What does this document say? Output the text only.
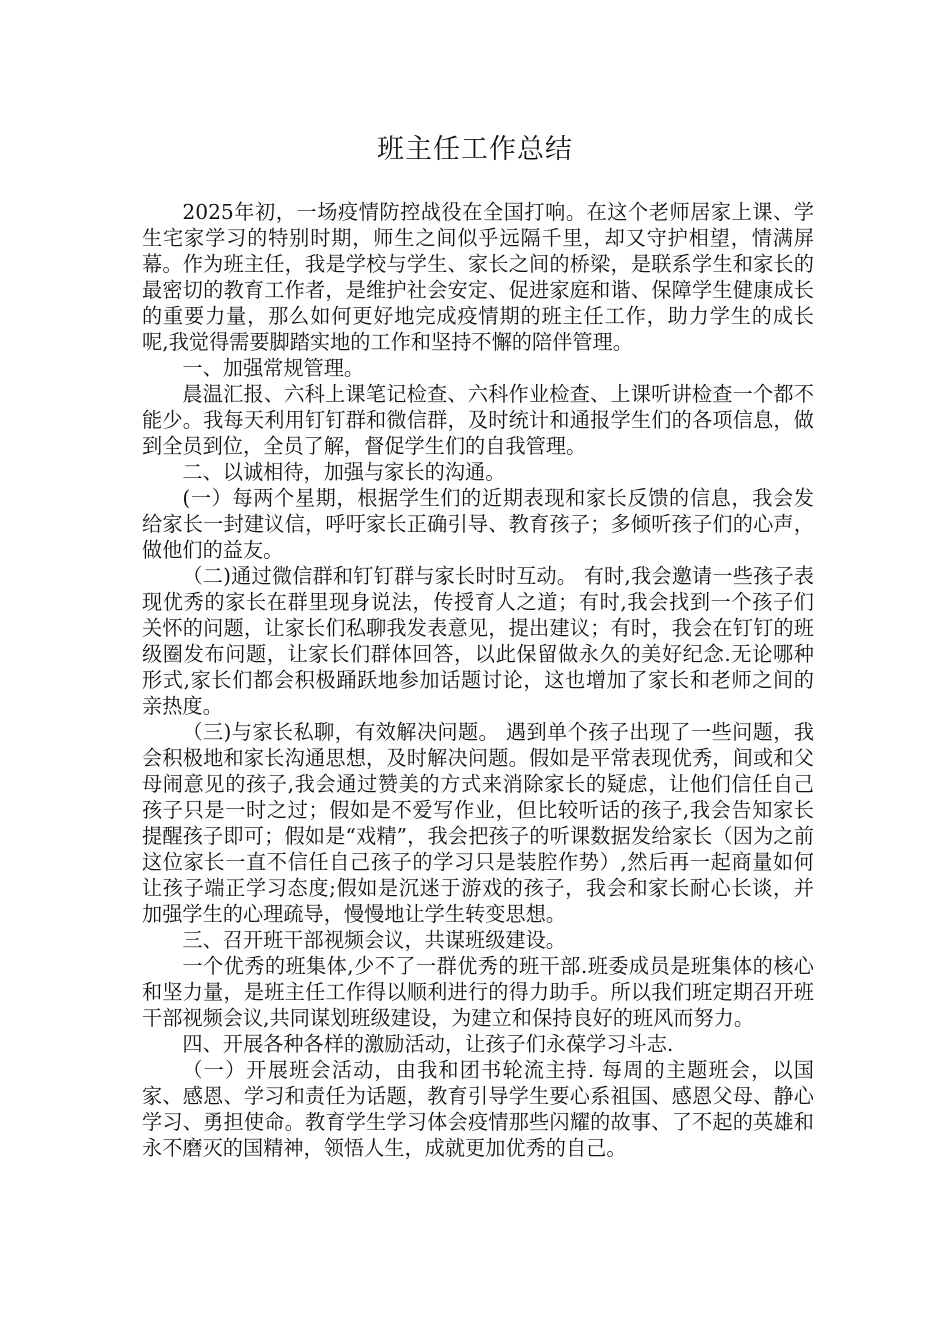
班主任工作总结

2025年初，一场疫情防控战役在全国打响。在这个老师居家上课、学生宅家学习的特别时期，师生之间似乎远隔千里，却又守护相望，情满屏幕。作为班主任，我是学校与学生、家长之间的桥梁，是联系学生和家长的最密切的教育工作者，是维护社会安定、促进家庭和谐、保障学生健康成长的重要力量，那么如何更好地完成疫情期的班主任工作，助力学生的成长呢,我觉得需要脚踏实地的工作和坚持不懈的陪伴管理。

一、加强常规管理。

晨温汇报、六科上课笔记检查、六科作业检查、上课听讲检查一个都不能少。我每天利用钉钉群和微信群，及时统计和通报学生们的各项信息，做到全员到位，全员了解，督促学生们的自我管理。

二、以诚相待，加强与家长的沟通。

(一）每两个星期，根据学生们的近期表现和家长反馈的信息，我会发给家长一封建议信，呼吁家长正确引导、教育孩子；多倾听孩子们的心声，做他们的益友。

（二)通过微信群和钉钉群与家长时时互动。 有时,我会邀请一些孩子表现优秀的家长在群里现身说法，传授育人之道；有时,我会找到一个孩子们关怀的问题，让家长们私聊我发表意见，提出建议；有时，我会在钉钉的班级圈发布问题，让家长们群体回答，以此保留做永久的美好纪念.无论哪种形式,家长们都会积极踊跃地参加话题讨论，这也增加了家长和老师之间的亲热度。

（三)与家长私聊，有效解决问题。 遇到单个孩子出现了一些问题，我会积极地和家长沟通思想，及时解决问题。假如是平常表现优秀，间或和父母闹意见的孩子,我会通过赞美的方式来消除家长的疑虑，让他们信任自己孩子只是一时之过；假如是不爱写作业，但比较听话的孩子,我会告知家长提醒孩子即可；假如是“戏精”，我会把孩子的听课数据发给家长（因为之前这位家长一直不信任自己孩子的学习只是装腔作势）,然后再一起商量如何让孩子端正学习态度;假如是沉迷于游戏的孩子，我会和家长耐心长谈，并加强学生的心理疏导，慢慢地让学生转变思想。

三、召开班干部视频会议，共谋班级建设。

一个优秀的班集体,少不了一群优秀的班干部.班委成员是班集体的核心和坚力量，是班主任工作得以顺利进行的得力助手。所以我们班定期召开班干部视频会议,共同谋划班级建设，为建立和保持良好的班风而努力。

四、开展各种各样的激励活动，让孩子们永葆学习斗志.

（一）开展班会活动，由我和团书轮流主持. 每周的主题班会，以国家、感恩、学习和责任为话题，教育引导学生要心系祖国、感恩父母、静心学习、勇担使命。教育学生学习体会疫情那些闪耀的故事、了不起的英雄和永不磨灭的国精神，领悟人生，成就更加优秀的自己。
